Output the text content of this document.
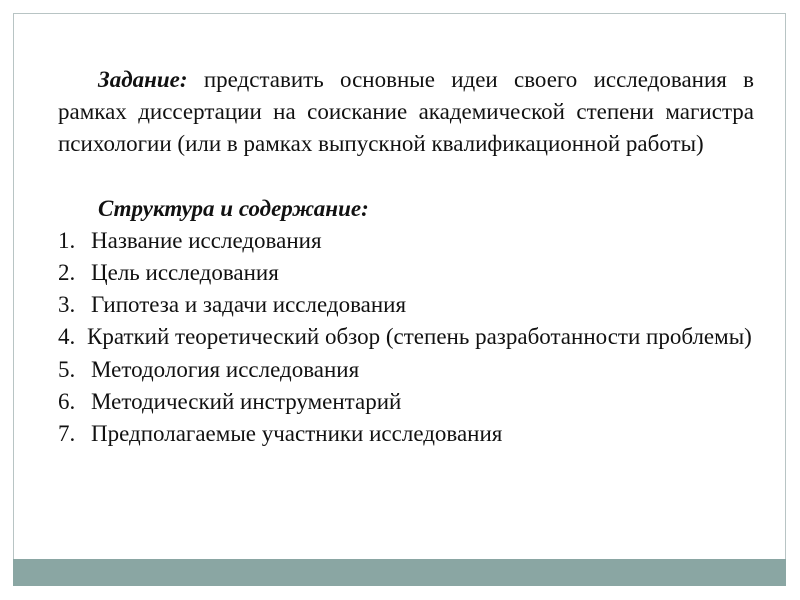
Задание: представить основные идеи своего исследования в рамках диссертации на соискание академической степени магистра психологии (или в рамках выпускной квалификационной работы)

Структура и содержание:

1. Название исследования
2. Цель исследования
3. Гипотеза и задачи исследования
4. Краткий теоретический обзор (степень разработанности проблемы)
5. Методология исследования
6. Методический инструментарий
7. Предполагаемые участники исследования
